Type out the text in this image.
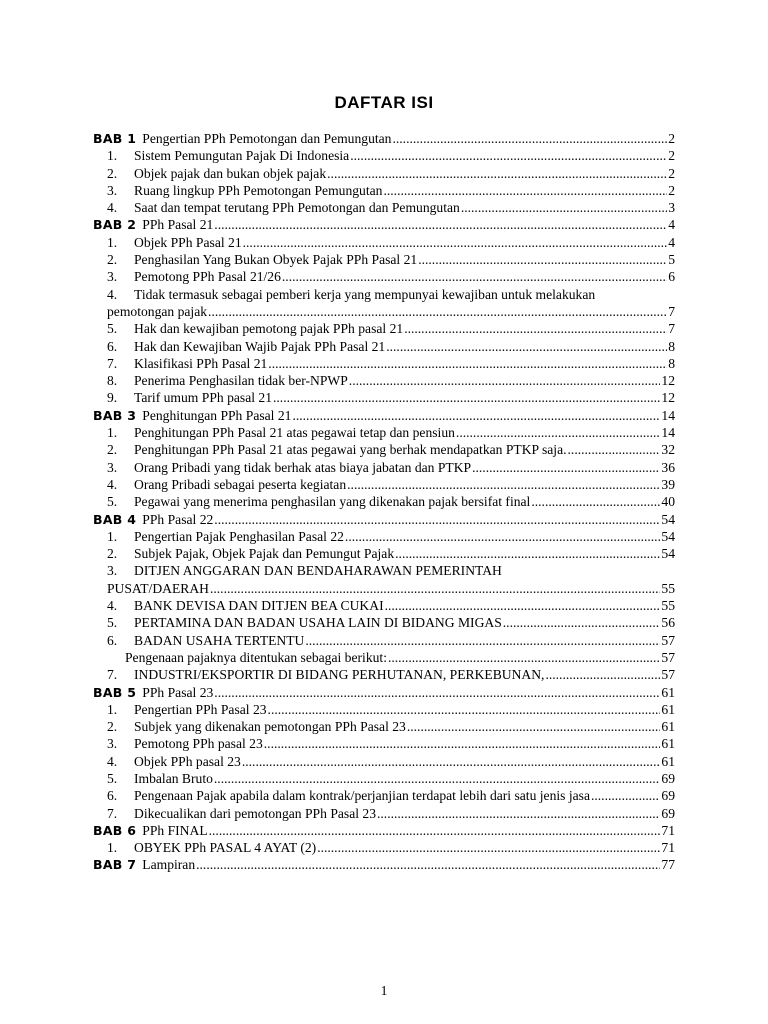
DAFTAR ISI
BAB 1 Pengertian PPh Pemotongan dan Pemungutan .....	2
1. Sistem Pemungutan Pajak Di Indonesia .....	2
2. Objek pajak dan bukan objek pajak .....	2
3. Ruang lingkup PPh Pemotongan Pemungutan .....	2
4. Saat dan tempat terutang PPh Pemotongan dan Pemungutan .....	3
BAB 2 PPh Pasal 21 .....	4
1. Objek PPh Pasal 21 .....	4
2. Penghasilan Yang Bukan Obyek Pajak PPh Pasal 21 .....	5
3. Pemotong PPh Pasal 21/26 .....	6
4. Tidak termasuk sebagai pemberi kerja yang mempunyai kewajiban untuk melakukan
pemotongan pajak .....	7
5. Hak dan kewajiban pemotong pajak PPh pasal 21 .....	7
6. Hak dan Kewajiban Wajib Pajak PPh Pasal 21 .....	8
7. Klasifikasi PPh Pasal 21 .....	8
8. Penerima Penghasilan tidak ber-NPWP .....	12
9. Tarif umum PPh pasal 21 .....	12
BAB 3 Penghitungan PPh Pasal 21 .....	14
1. Penghitungan PPh Pasal 21 atas pegawai tetap dan pensiun .....	14
2. Penghitungan PPh Pasal 21 atas pegawai yang berhak mendapatkan PTKP saja. .....	32
3. Orang Pribadi yang tidak berhak atas biaya jabatan dan PTKP .....	36
4. Orang Pribadi sebagai peserta kegiatan .....	39
5. Pegawai yang menerima penghasilan yang dikenakan pajak bersifat final .....	40
BAB 4 PPh Pasal 22 .....	54
1. Pengertian Pajak Penghasilan Pasal 22 .....	54
2. Subjek Pajak, Objek Pajak dan Pemungut Pajak .....	54
3. DITJEN ANGGARAN DAN BENDAHARAWAN PEMERINTAH
PUSAT/DAERAH .....	55
4. BANK DEVISA DAN DITJEN BEA CUKAI .....	55
5. PERTAMINA DAN BADAN USAHA LAIN DI BIDANG MIGAS .....	56
6. BADAN USAHA TERTENTU .....	57
Pengenaan pajaknya ditentukan sebagai berikut: .....	57
7. INDUSTRI/EKSPORTIR DI BIDANG PERHUTANAN, PERKEBUNAN, .....	57
BAB 5 PPh Pasal 23 .....	61
1. Pengertian PPh Pasal 23 .....	61
2. Subjek yang dikenakan pemotongan PPh Pasal 23 .....	61
3. Pemotong PPh pasal 23 .....	61
4. Objek PPh pasal 23 .....	61
5. Imbalan Bruto .....	69
6. Pengenaan Pajak apabila dalam kontrak/perjanjian terdapat lebih dari satu jenis jasa .....	69
7. Dikecualikan dari pemotongan PPh Pasal 23 .....	69
BAB 6 PPh FINAL .....	71
1. OBYEK PPh PASAL 4 AYAT (2) .....	71
BAB 7 Lampiran .....	77
1
